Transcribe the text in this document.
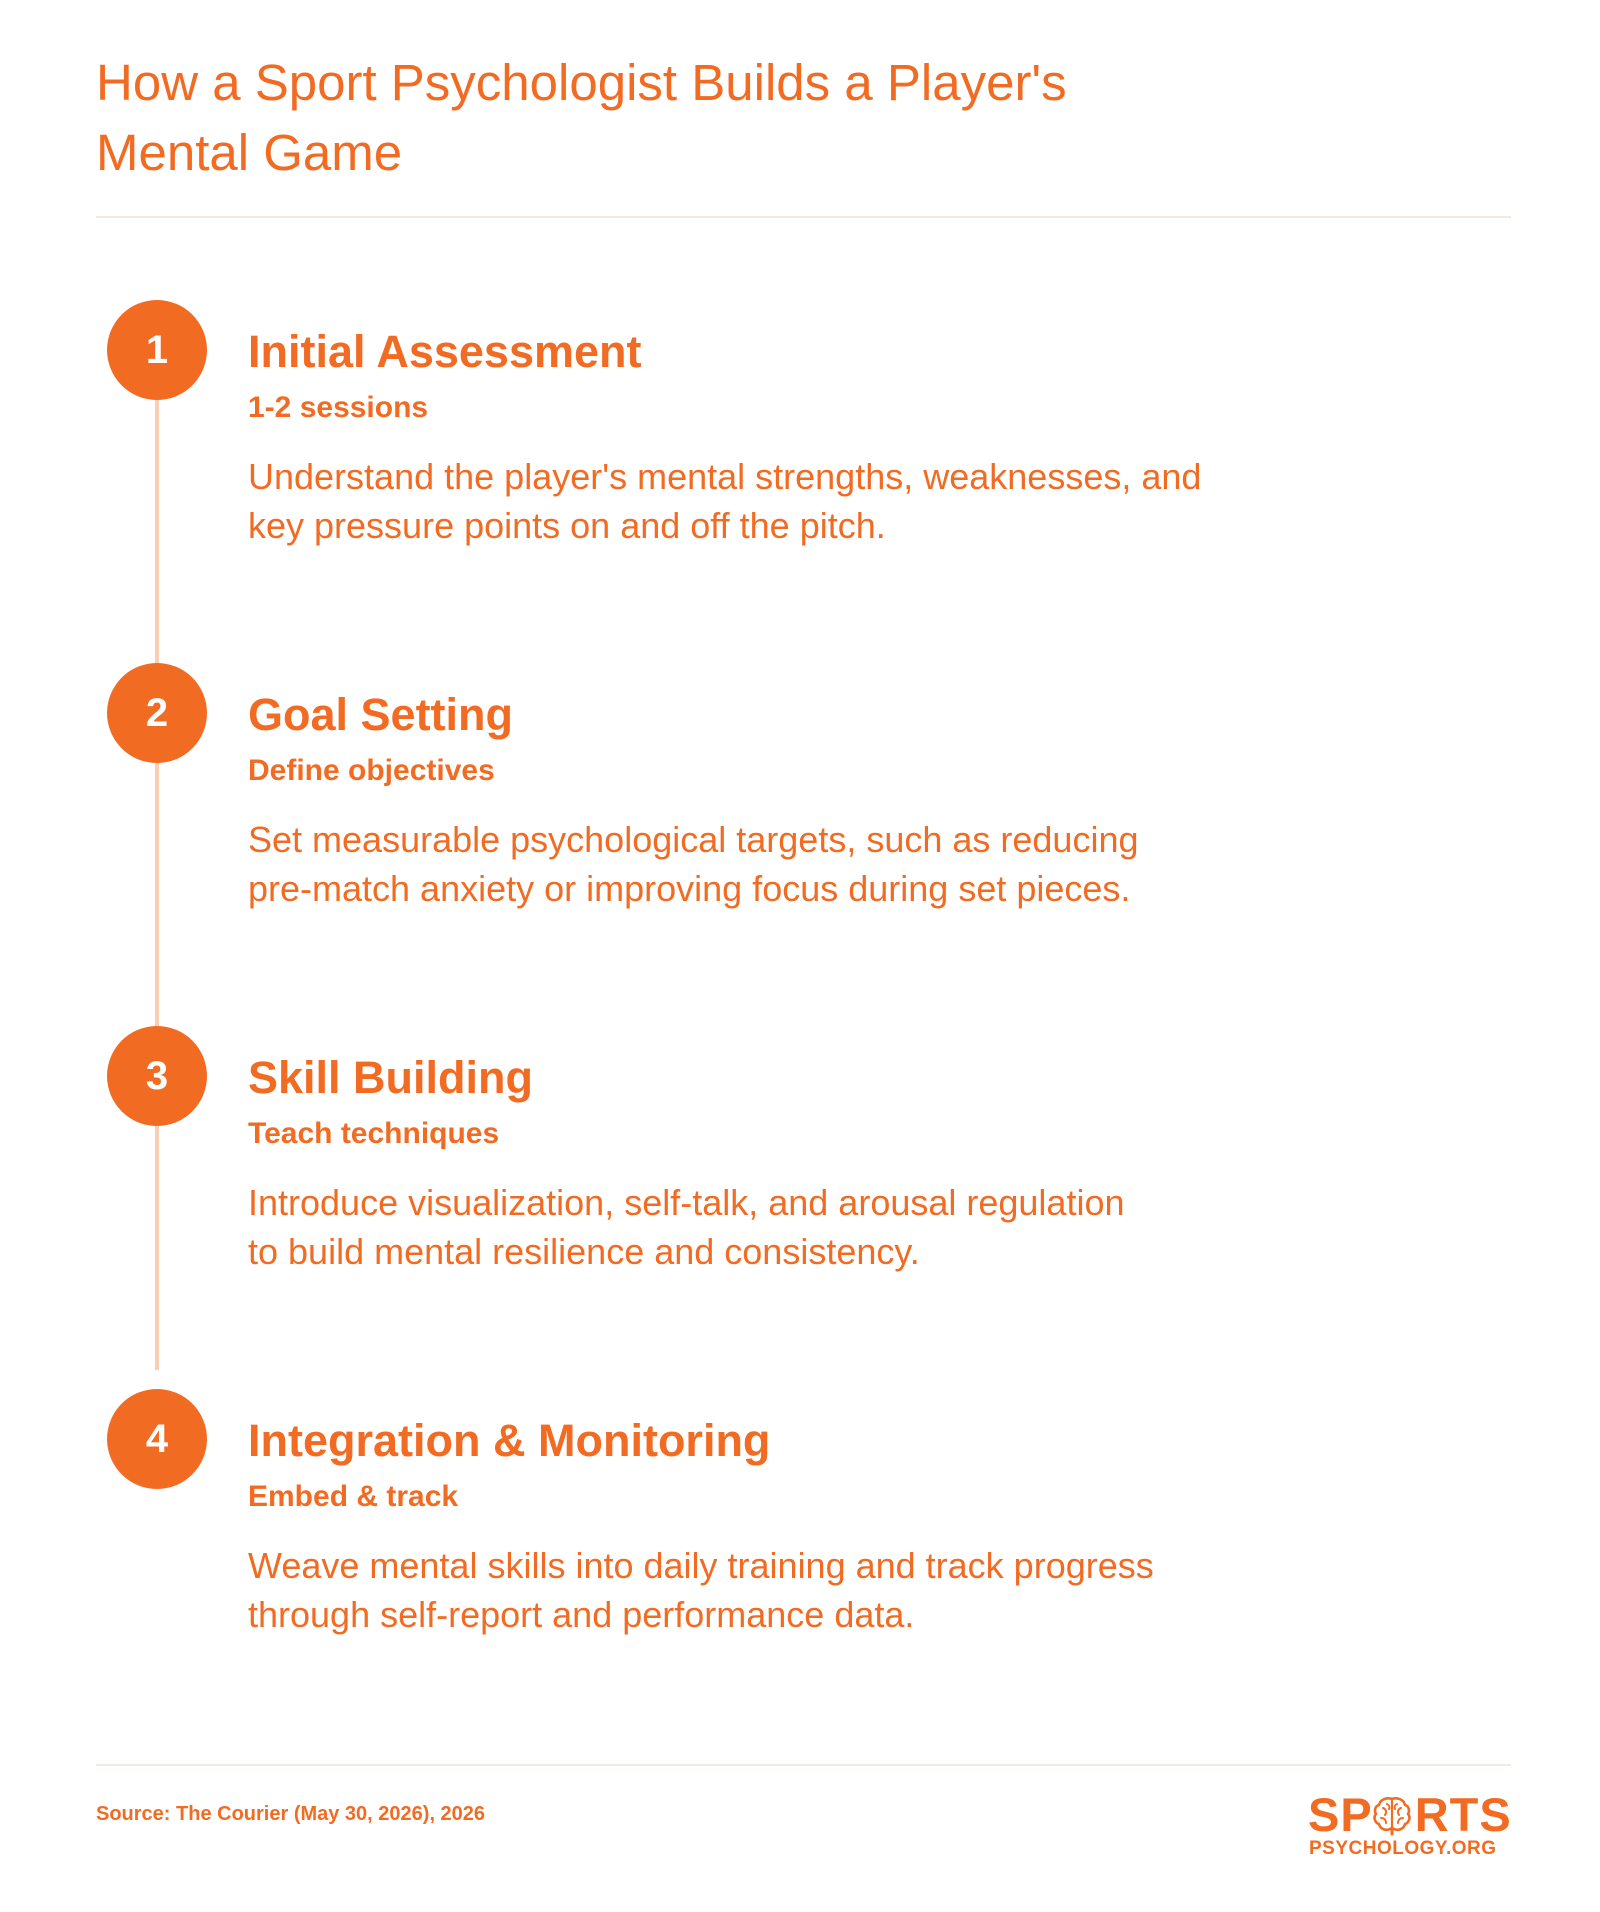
How a Sport Psychologist Builds a Player's
Mental Game
1	Initial Assessment
1-2 sessions
Understand the player's mental strengths, weaknesses, and
key pressure points on and off the pitch.
2	Goal Setting
Define objectives
Set measurable psychological targets, such as reducing
pre-match anxiety or improving focus during set pieces.
3	Skill Building
Teach techniques
Introduce visualization, self-talk, and arousal regulation
to build mental resilience and consistency.
4	Integration & Monitoring
Embed & track
Weave mental skills into daily training and track progress
through self-report and performance data.
Source: The Courier (May 30, 2026), 2026	SP RTS
PSYCHOLOGY.ORG
